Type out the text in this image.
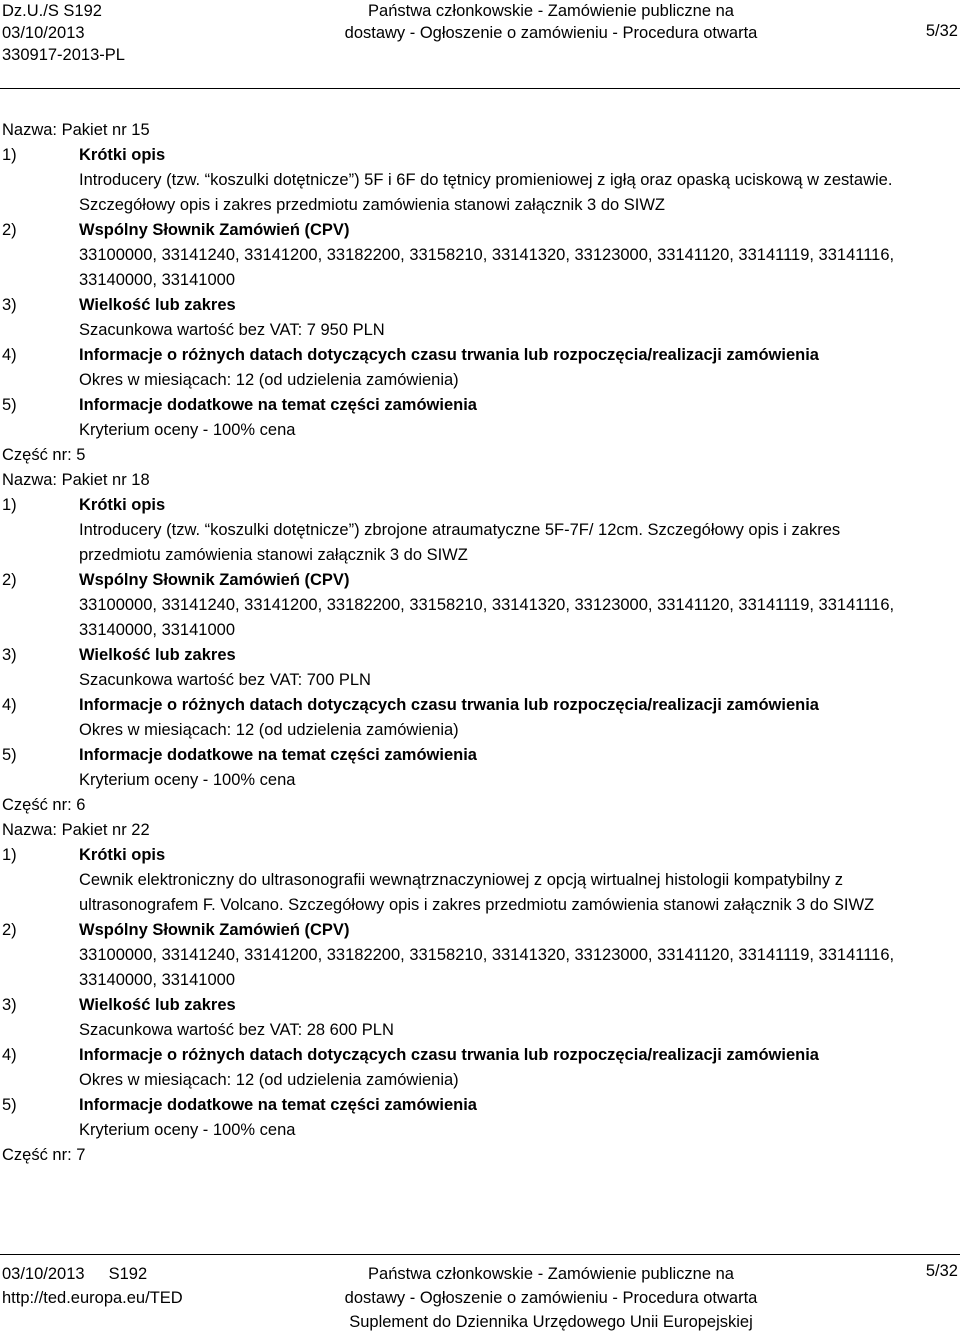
Dz.U./S S192
03/10/2013
330917-2013-PL
Państwa członkowskie - Zamówienie publiczne na
dostawy - Ogłoszenie o zamówieniu - Procedura otwarta	5/32
Nazwa: Pakiet nr 15
1)	Krótki opis
Introducery (tzw. “koszulki dotętnicze”) 5F i 6F do tętnicy promieniowej z igłą oraz opaską uciskową w zestawie.
Szczegółowy opis i zakres przedmiotu zamówienia stanowi załącznik 3 do SIWZ
2)	Wspólny Słownik Zamówień (CPV)
33100000, 33141240, 33141200, 33182200, 33158210, 33141320, 33123000, 33141120, 33141119, 33141116,
33140000, 33141000
3)	Wielkość lub zakres
Szacunkowa wartość bez VAT: 7 950 PLN
4)	Informacje o różnych datach dotyczących czasu trwania lub rozpoczęcia/realizacji zamówienia
Okres w miesiącach: 12 (od udzielenia zamówienia)
5)	Informacje dodatkowe na temat części zamówienia
Kryterium oceny - 100% cena
Część nr: 5
Nazwa: Pakiet nr 18
1)	Krótki opis
Introducery (tzw. “koszulki dotętnicze”) zbrojone atraumatyczne 5F-7F/ 12cm. Szczegółowy opis i zakres
przedmiotu zamówienia stanowi załącznik 3 do SIWZ
2)	Wspólny Słownik Zamówień (CPV)
33100000, 33141240, 33141200, 33182200, 33158210, 33141320, 33123000, 33141120, 33141119, 33141116,
33140000, 33141000
3)	Wielkość lub zakres
Szacunkowa wartość bez VAT: 700 PLN
4)	Informacje o różnych datach dotyczących czasu trwania lub rozpoczęcia/realizacji zamówienia
Okres w miesiącach: 12 (od udzielenia zamówienia)
5)	Informacje dodatkowe na temat części zamówienia
Kryterium oceny - 100% cena
Część nr: 6
Nazwa: Pakiet nr 22
1)	Krótki opis
Cewnik elektroniczny do ultrasonografii wewnątrznaczyniowej z opcją wirtualnej histologii kompatybilny z
ultrasonografem F. Volcano. Szczegółowy opis i zakres przedmiotu zamówienia stanowi załącznik 3 do SIWZ
2)	Wspólny Słownik Zamówień (CPV)
33100000, 33141240, 33141200, 33182200, 33158210, 33141320, 33123000, 33141120, 33141119, 33141116,
33140000, 33141000
3)	Wielkość lub zakres
Szacunkowa wartość bez VAT: 28 600 PLN
4)	Informacje o różnych datach dotyczących czasu trwania lub rozpoczęcia/realizacji zamówienia
Okres w miesiącach: 12 (od udzielenia zamówienia)
5)	Informacje dodatkowe na temat części zamówienia
Kryterium oceny - 100% cena
Część nr: 7
03/10/2013 S192
http://ted.europa.eu/TED
Państwa członkowskie - Zamówienie publiczne na
dostawy - Ogłoszenie o zamówieniu - Procedura otwarta
Suplement do Dziennika Urzędowego Unii Europejskiej
5/32
